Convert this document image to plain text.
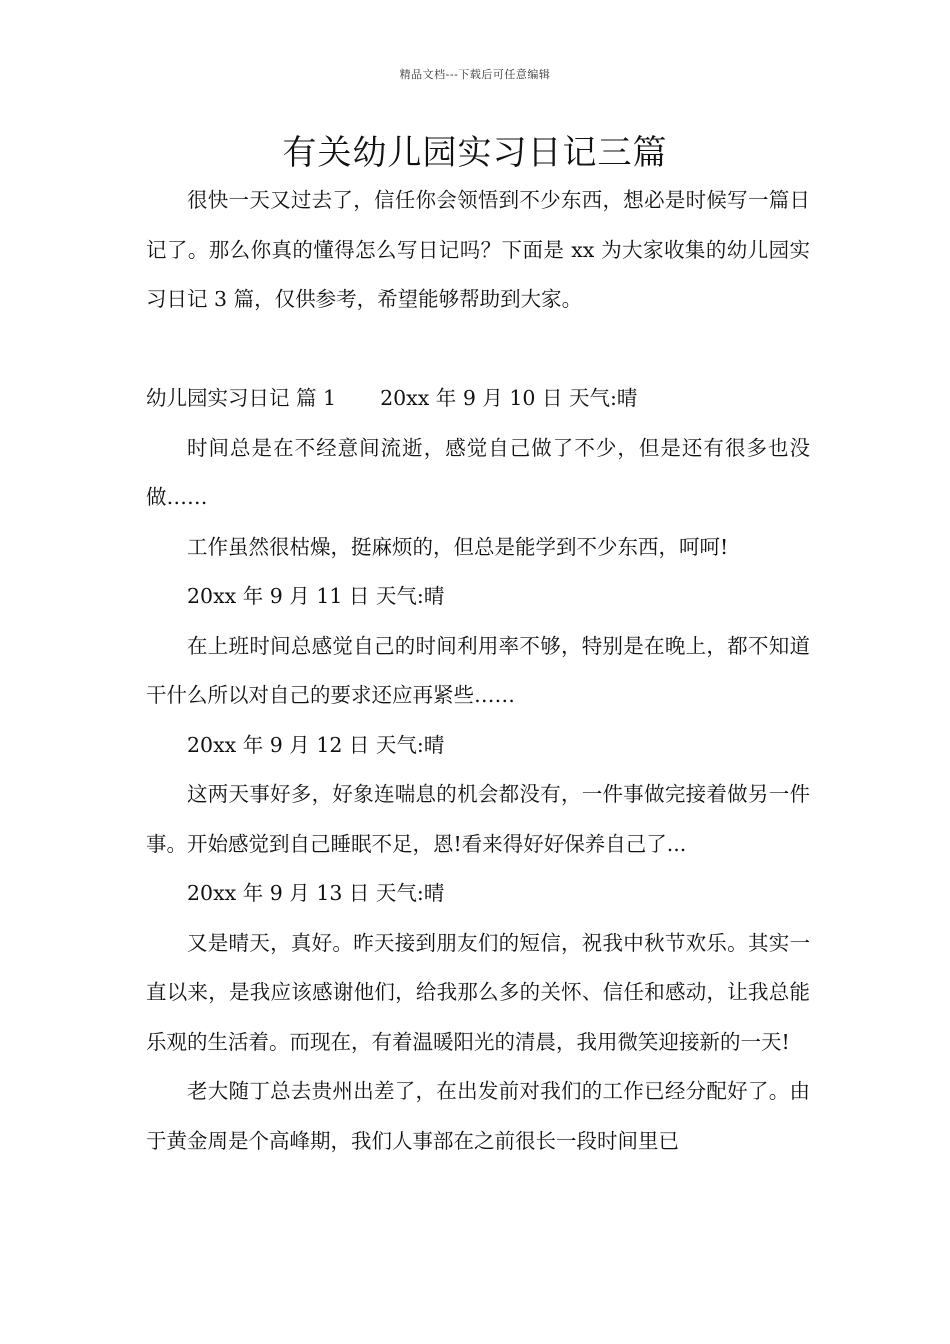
精品文档---下载后可任意编辑
有关幼儿园实习日记三篇

很快一天又过去了，信任你会领悟到不少东西，想必是时候写一篇日记了。那么你真的懂得怎么写日记吗？下面是 xx 为大家收集的幼儿园实习日记 3 篇，仅供参考，希望能够帮助到大家。

幼儿园实习日记 篇 1 20xx 年 9 月 10 日 天气:晴

时间总是在不经意间流逝，感觉自己做了不少，但是还有很多也没做……

工作虽然很枯燥，挺麻烦的，但总是能学到不少东西，呵呵!

20xx 年 9 月 11 日 天气:晴

在上班时间总感觉自己的时间利用率不够，特别是在晚上，都不知道干什么所以对自己的要求还应再紧些……

20xx 年 9 月 12 日 天气:晴

这两天事好多，好象连喘息的机会都没有，一件事做完接着做另一件事。开始感觉到自己睡眠不足，恩!看来得好好保养自己了...

20xx 年 9 月 13 日 天气:晴

又是晴天，真好。昨天接到朋友们的短信，祝我中秋节欢乐。其实一直以来，是我应该感谢他们，给我那么多的关怀、信任和感动，让我总能乐观的生活着。而现在，有着温暖阳光的清晨，我用微笑迎接新的一天!

老大随丁总去贵州出差了，在出发前对我们的工作已经分配好了。由于黄金周是个高峰期，我们人事部在之前很长一段时间里已
